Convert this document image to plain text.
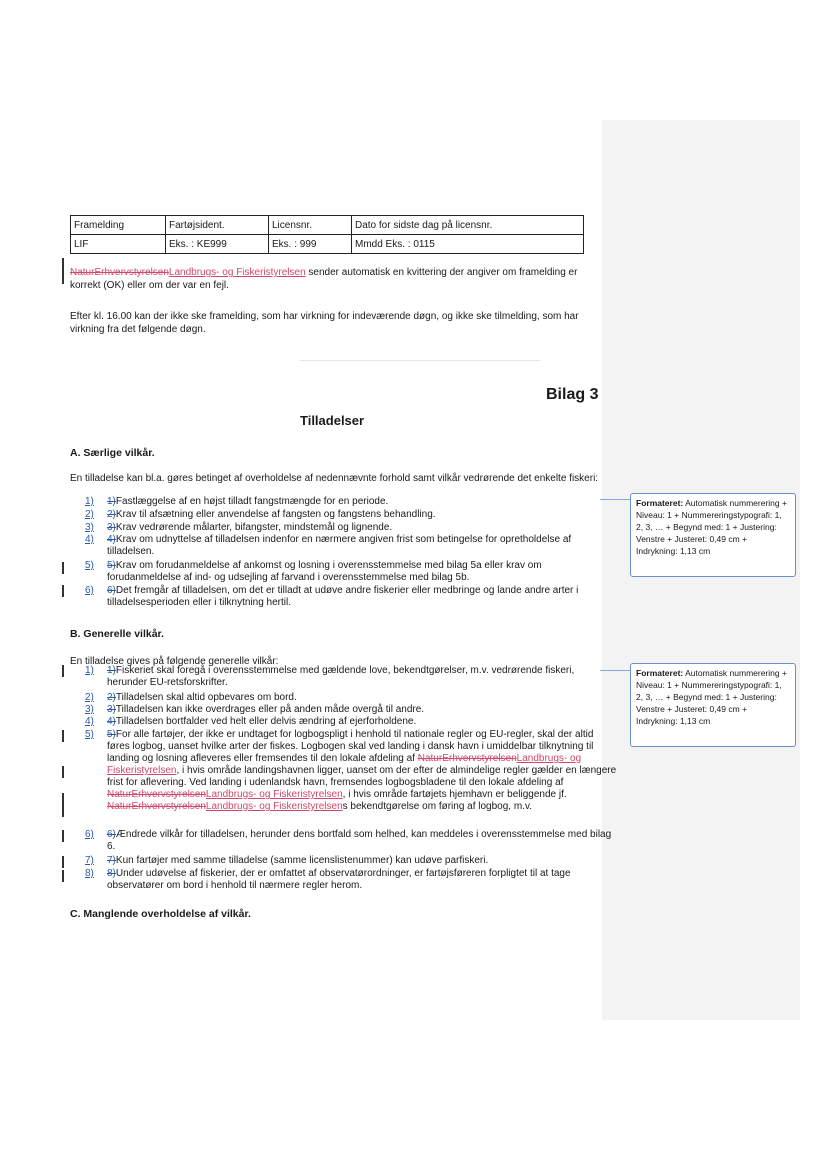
Framelding	Fartøjsident.	Licensnr.	Dato for sidste dag på licensnr.
LIF	Eks. : KE999	Eks. : 999	Mmdd Eks. : 0115
NaturErhvervstyrelsenLandbrugs- og Fiskeristyrelsen sender automatisk en kvittering der angiver om framelding er korrekt (OK) eller om der var en fejl.
Efter kl. 16.00 kan der ikke ske framelding, som har virkning for indeværende døgn, og ikke ske tilmelding, som har virkning fra det følgende døgn.
Bilag 3
Tilladelser
A. Særlige vilkår.
En tilladelse kan bl.a. gøres betinget af overholdelse af nedennævnte forhold samt vilkår vedrørende det enkelte fiskeri:
1) 1)Fastlæggelse af en højst tilladt fangstmængde for en periode.
2) 2)Krav til afsætning eller anvendelse af fangsten og fangstens behandling.
3) 3)Krav vedrørende målarter, bifangster, mindstemål og lignende.
4) 4)Krav om udnyttelse af tilladelsen indenfor en nærmere angiven frist som betingelse for opretholdelse af tilladelsen.
5) 5)Krav om forudanmeldelse af ankomst og losning i overensstemmelse med bilag 5a eller krav om forudanmeldelse af ind- og udsejling af farvand i overensstemmelse med bilag 5b.
6) 6)Det fremgår af tilladelsen, om det er tilladt at udøve andre fiskerier eller medbringe og lande andre arter i tilladelsesperioden eller i tilknytning hertil.
B. Generelle vilkår.
En tilladelse gives på følgende generelle vilkår:
1) 1)Fiskeriet skal foregå i overensstemmelse med gældende love, bekendtgørelser, m.v. vedrørende fiskeri, herunder EU-retsforskrifter.
2) 2)Tilladelsen skal altid opbevares om bord.
3) 3)Tilladelsen kan ikke overdrages eller på anden måde overgå til andre.
4) 4)Tilladelsen bortfalder ved helt eller delvis ændring af ejerforholdene.
5) 5)For alle fartøjer, der ikke er undtaget for logbogspligt i henhold til nationale regler og EU-regler, skal der altid føres logbog, uanset hvilke arter der fiskes. Logbogen skal ved landing i dansk havn i umiddelbar tilknytning til landing og losning afleveres eller fremsendes til den lokale afdeling af NaturErhvervstyrelsenLandbrugs- og Fiskeristyrelsen, i hvis område landingshavnen ligger, uanset om der efter de almindelige regler gælder en længere frist for aflevering. Ved landing i udenlandsk havn, fremsendes logbogsbladene til den lokale afdeling af NaturErhvervstyrelsenLandbrugs- og Fiskeristyrelsen, i hvis område fartøjets hjemhavn er beliggende jf. NaturErhvervstyrelsenLandbrugs- og Fiskeristyrelsens bekendtgørelse om føring af logbog, m.v.
6) 6)Ændrede vilkår for tilladelsen, herunder dens bortfald som helhed, kan meddeles i overensstemmelse med bilag 6.
7) 7)Kun fartøjer med samme tilladelse (samme licenslistenummer) kan udøve parfiskeri.
8) 8)Under udøvelse af fiskerier, der er omfattet af observatørordninger, er fartøjsføreren forpligtet til at tage observatører om bord i henhold til nærmere regler herom.
C. Manglende overholdelse af vilkår.
Formateret: Automatisk nummerering + Niveau: 1 + Nummereringstypografi: 1, 2, 3, … + Begynd med: 1 + Justering: Venstre + Justeret: 0,49 cm + Indrykning: 1,13 cm
Formateret: Automatisk nummerering + Niveau: 1 + Nummereringstypografi: 1, 2, 3, … + Begynd med: 1 + Justering: Venstre + Justeret: 0,49 cm + Indrykning: 1,13 cm
